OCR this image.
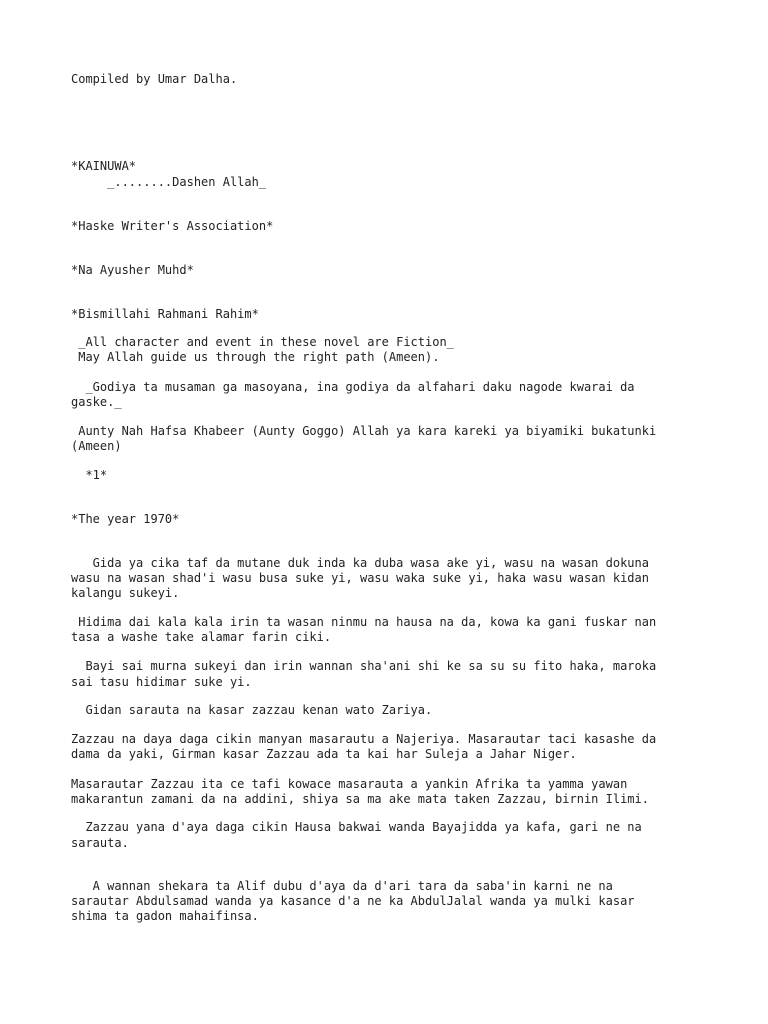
Compiled by Umar Dalha.

*KAINUWA*

_........Dashen Allah_

*Haske Writer's Association*

*Na Ayusher Muhd*

*Bismillahi Rahmani Rahim*

_All character and event in these novel are Fiction_

May Allah guide us through the right path (Ameen).

_Godiya ta musaman ga masoyana, ina godiya da alfahari daku nagode kwarai da

gaske._

Aunty Nah Hafsa Khabeer (Aunty Goggo) Allah ya kara kareki ya biyamiki bukatunki

(Ameen)

*1*

*The year 1970*

Gida ya cika taf da mutane duk inda ka duba wasa ake yi, wasu na wasan dokuna

wasu na wasan shad'i wasu busa suke yi, wasu waka suke yi, haka wasu wasan kidan

kalangu sukeyi.

Hidima dai kala kala irin ta wasan ninmu na hausa na da, kowa ka gani fuskar nan

tasa a washe take alamar farin ciki.

Bayi sai murna sukeyi dan irin wannan sha'ani shi ke sa su su fito haka, maroka

sai tasu hidimar suke yi.

Gidan sarauta na kasar zazzau kenan wato Zariya.

Zazzau na daya daga cikin manyan masarautu a Najeriya. Masarautar taci kasashe da

dama da yaki, Girman kasar Zazzau ada ta kai har Suleja a Jahar Niger.

Masarautar Zazzau ita ce tafi kowace masarauta a yankin Afrika ta yamma yawan

makarantun zamani da na addini, shiya sa ma ake mata taken Zazzau, birnin Ilimi.

Zazzau yana d'aya daga cikin Hausa bakwai wanda Bayajidda ya kafa, gari ne na

sarauta.

A wannan shekara ta Alif dubu d'aya da d'ari tara da saba'in karni ne na

sarautar Abdulsamad wanda ya kasance d'a ne ka AbdulJalal wanda ya mulki kasar

shima ta gadon mahaifinsa.
